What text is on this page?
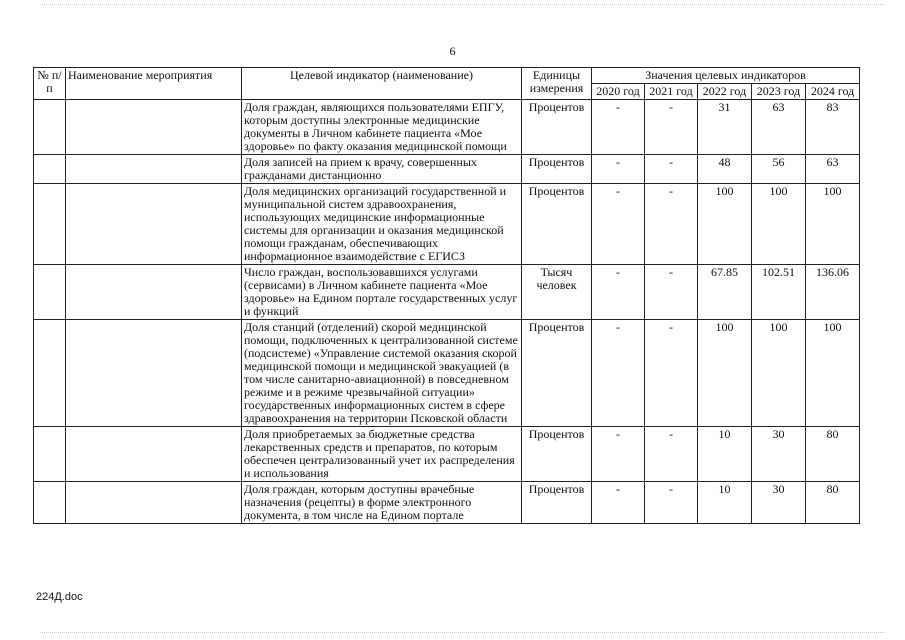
6
№ п/п	Наименование мероприятия	Целевой индикатор (наименование)	Единицы измерения	Значения целевых индикаторов				
				2020 год	2021 год	2022 год	2023 год	2024 год
		Доля граждан, являющихся пользователями ЕПГУ, которым доступны электронные медицинские документы в Личном кабинете пациента «Мое здоровье» по факту оказания медицинской помощи	Процентов	-	-	31	63	83
		Доля записей на прием к врачу, совершенных гражданами дистанционно	Процентов	-	-	48	56	63
		Доля медицинских организаций государственной и муниципальной систем здравоохранения, использующих медицинские информационные системы для организации и оказания медицинской помощи гражданам, обеспечивающих информационное взаимодействие с ЕГИСЗ	Процентов	-	-	100	100	100
		Число граждан, воспользовавшихся услугами (сервисами) в Личном кабинете пациента «Мое здоровье» на Едином портале государственных услуг и функций	Тысяч человек	-	-	67.85	102.51	136.06
		Доля станций (отделений) скорой медицинской помощи, подключенных к централизованной системе (подсистеме) «Управление системой оказания скорой медицинской помощи и медицинской эвакуацией (в том числе санитарно-авиационной) в повседневном режиме и в режиме чрезвычайной ситуации» государственных информационных систем в сфере здравоохранения на территории Псковской области	Процентов	-	-	100	100	100
		Доля приобретаемых за бюджетные средства лекарственных средств и препаратов, по которым обеспечен централизованный учет их распределения и использования	Процентов	-	-	10	30	80
		Доля граждан, которым доступны врачебные назначения (рецепты) в форме электронного документа, в том числе на Едином портале	Процентов	-	-	10	30	80
224Д.doc
